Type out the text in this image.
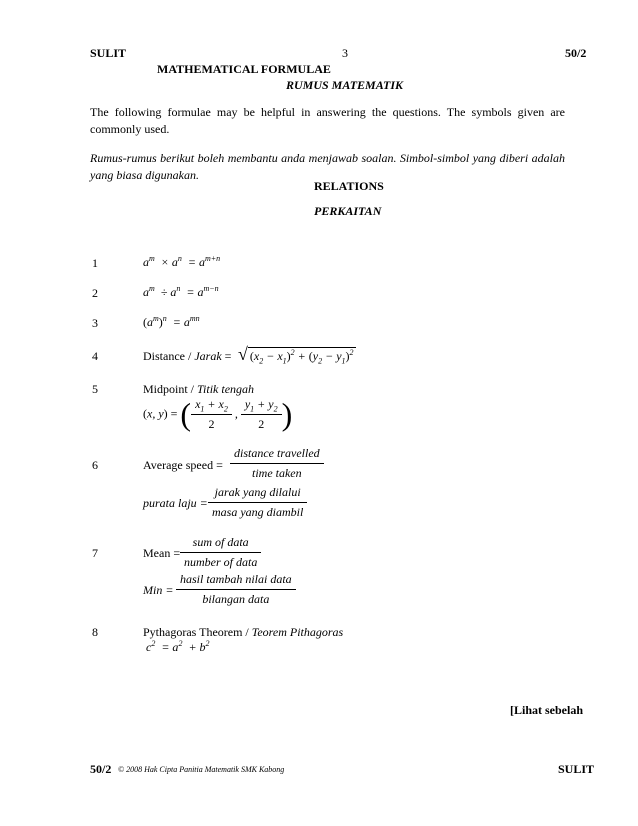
SULIT	3	50/2
MATHEMATICAL FORMULAE
RUMUS MATEMATIK
The following formulae may be helpful in answering the questions. The symbols given are commonly used.
Rumus-rumus berikut boleh membantu anda menjawab soalan. Simbol-simbol yang diberi adalah yang biasa digunakan.
RELATIONS
PERKAITAN
1	$a^m \times a^n = a^{m+n}$
2	$a^m \div a^n = a^{m-n}$
3	$(a^m)^n = a^{mn}$
4	Distance / Jarak = √ $(x_2 - x_1)^2 + (y_2 - y_1)^2$
5	Midpoint / Titik tengah
(x, y) = ( $\frac{x_1 + x_2}{2}$ , $\frac{y_1 + y_2}{2}$ )
6	Average speed = $\frac{\text{distance travelled}}{\text{time taken}}$
purata laju = $\frac{\text{jarak yang dilalui}}{\text{masa yang diambil}}$
7	Mean = $\frac{\text{sum of data}}{\text{number of data}}$
Min = $\frac{\text{hasil tambah nilai data}}{\text{bilangan data}}$
8	Pythagoras Theorem / Teorem Pithagoras
$c^2 = a^2 + b^2$
[Lihat sebelah
50/2 © 2008 Hak Cipta Panitia Matematik SMK Kabong	SULIT
